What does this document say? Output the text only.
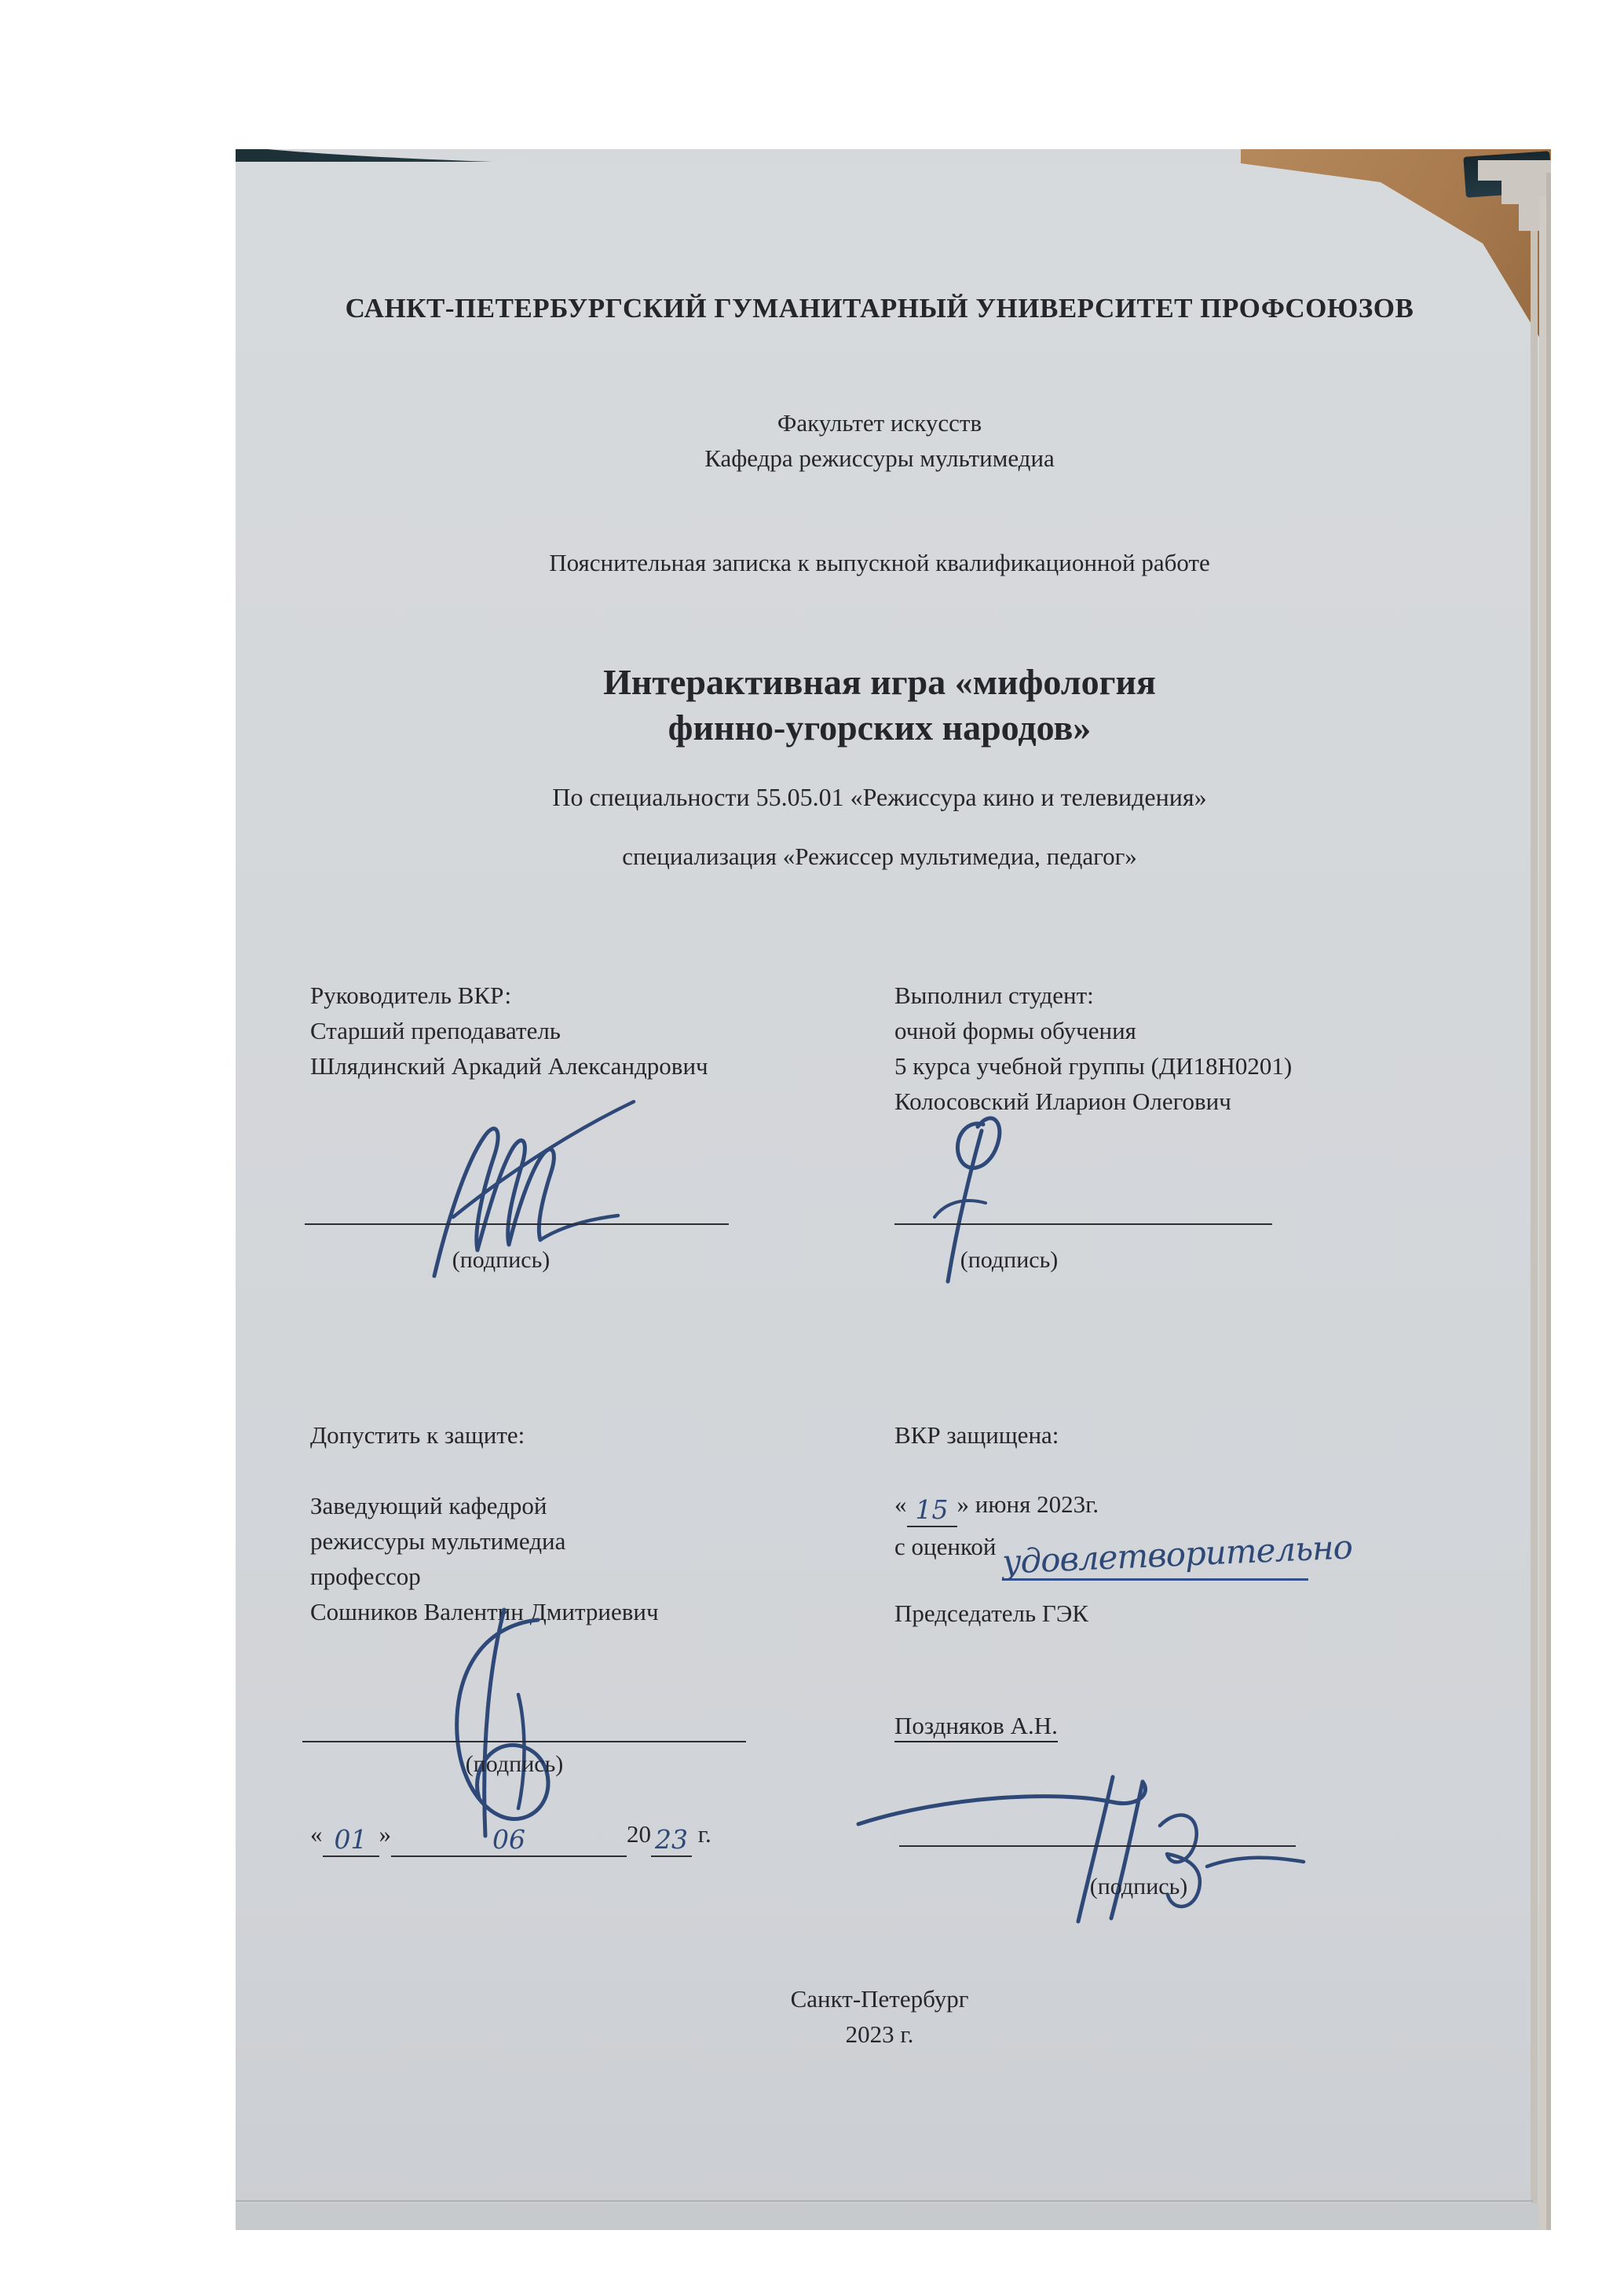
САНКТ-ПЕТЕРБУРГСКИЙ ГУМАНИТАРНЫЙ УНИВЕРСИТЕТ ПРОФСОЮЗОВ
Факультет искусств
Кафедра режиссуры мультимедиа
Пояснительная записка к выпускной квалификационной работе
Интерактивная игра «мифология
финно-угорских народов»
По специальности 55.05.01 «Режиссура кино и телевидения»
специализация «Режиссер мультимедиа, педагог»
Руководитель ВКР:
Старший преподаватель
Шлядинский Аркадий Александрович
Выполнил студент:
очной формы обучения
5 курса учебной группы (ДИ18Н0201)
Колосовский Иларион Олегович
(подпись)	(подпись)
Допустить к защите:
Заведующий кафедрой
режиссуры мультимедиа
профессор
Сошников Валентин Дмитриевич
ВКР защищена:
« 15 » июня 2023г.
с оценкой удовлетворительно
Председатель ГЭК
(подпись)
« 01 »	06	20 23 г.
Поздняков А.Н.
(подпись)
Санкт-Петербург
2023 г.
